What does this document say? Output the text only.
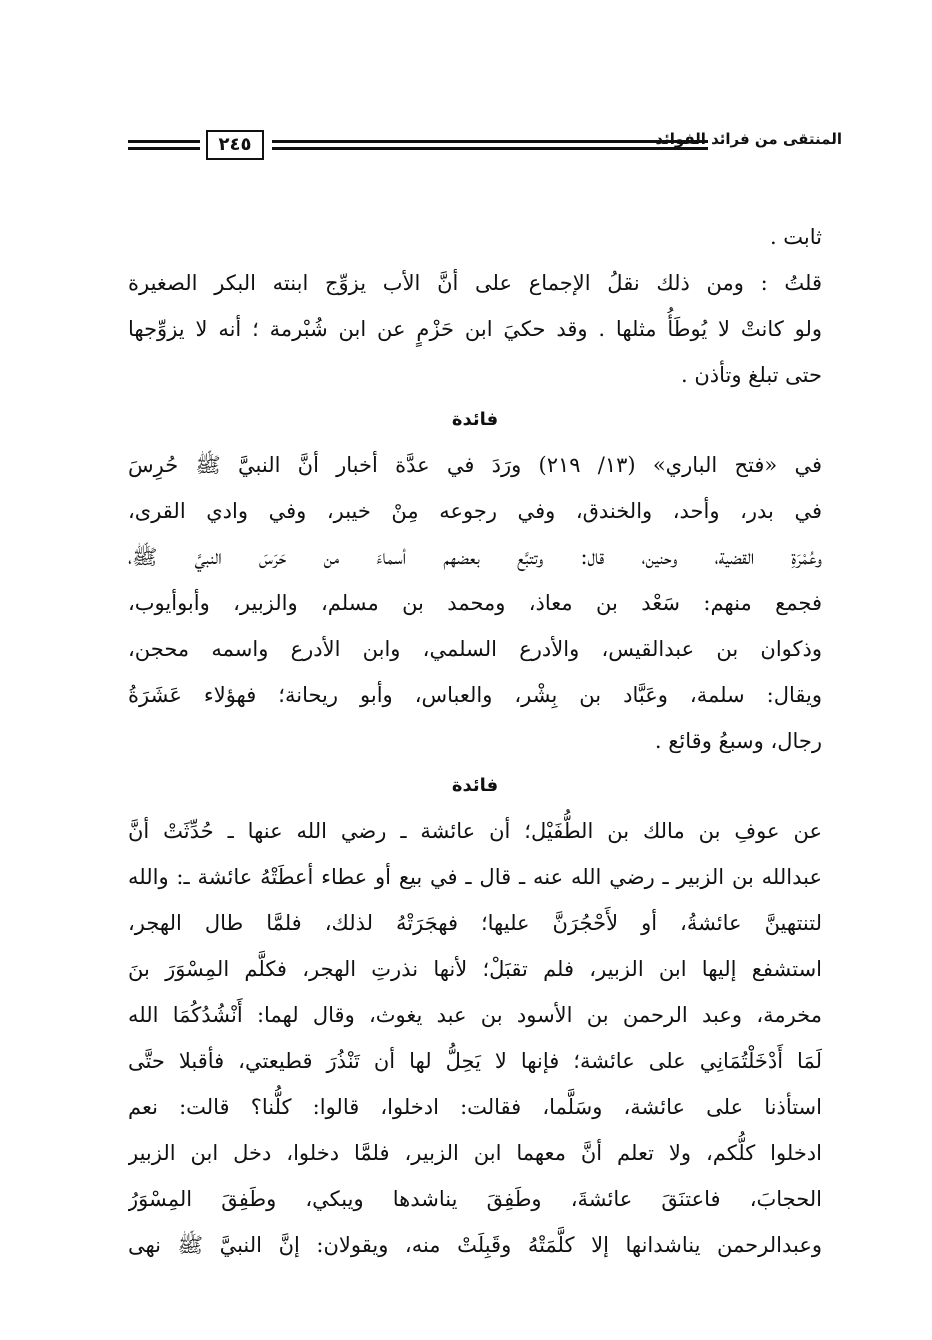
٢٤٥	المنتقى من فرائد الفوائد
ثابت .
قلتُ : ومن ذلك نقلُ الإجماع على أنَّ الأب يزوِّج ابنته البكر الصغيرة
ولو كانتْ لا يُوطَأُ مثلها . وقد حكيَ ابن حَزْمٍ عن ابن شُبْرمة ؛ أنه لا يزوِّجها
حتى تبلغ وتأذن .
فائدة
في «فتح الباري» (١٣/ ٢١٩) ورَدَ في عدَّة أخبار أنَّ النبيَّ ﷺ حُرِسَ
في بدر، وأحد، والخندق، وفي رجوعه مِنْ خيبر، وفي وادي القرى،
وعُمْرَةِ القضية، وحنين، قال: وتتبَّع بعضهم أسماءَ من حَرَسَ النبيَّ ﷺ،
فجمع منهم: سَعْد بن معاذ، ومحمد بن مسلم، والزبير، وأبوأيوب،
وذكوان بن عبدالقيس، والأدرع السلمي، وابن الأدرع واسمه محجن،
ويقال: سلمة، وعَبَّاد بن بِشْر، والعباس، وأبو ريحانة؛ فهؤلاء عَشَرَةُ
رجال، وسبعُ وقائع .
فائدة
عن عوفِ بن مالك بن الطُّفَيْل؛ أن عائشة ـ رضي الله عنها ـ حُدِّثَتْ أنَّ
عبدالله بن الزبير ـ رضي الله عنه ـ قال ـ في بيع أو عطاء أعطَتْهُ عائشة ـ: والله
لتنتهينَّ عائشةُ، أو لأَحْجُرَنَّ عليها؛ فهجَرَتْهُ لذلك، فلمَّا طال الهجر،
استشفع إليها ابن الزبير، فلم تقبَلْ؛ لأنها نذرتِ الهجر، فكلَّم المِسْوَرَ بنَ
مخرمة، وعبد الرحمن بن الأسود بن عبد يغوث، وقال لهما: أَنْشُدُكُمَا الله
لَمَا أَدْخَلْتُمَانِي على عائشة؛ فإنها لا يَحِلُّ لها أن تَنْذُرَ قطيعتي، فأقبلا حتَّى
استأذنا على عائشة، وسَلَّما، فقالت: ادخلوا، قالوا: كلُّنا؟ قالت: نعم
ادخلوا كلُّكم، ولا تعلم أنَّ معهما ابن الزبير، فلمَّا دخلوا، دخل ابن الزبير
الحجابَ، فاعتنَقَ عائشةَ، وطَفِقَ يناشدها ويبكي، وطَفِقَ المِسْوَرُ
وعبدالرحمن يناشدانها إلا كلَّمَتْهُ وقَبِلَتْ منه، ويقولان: إنَّ النبيَّ ﷺ نهى
